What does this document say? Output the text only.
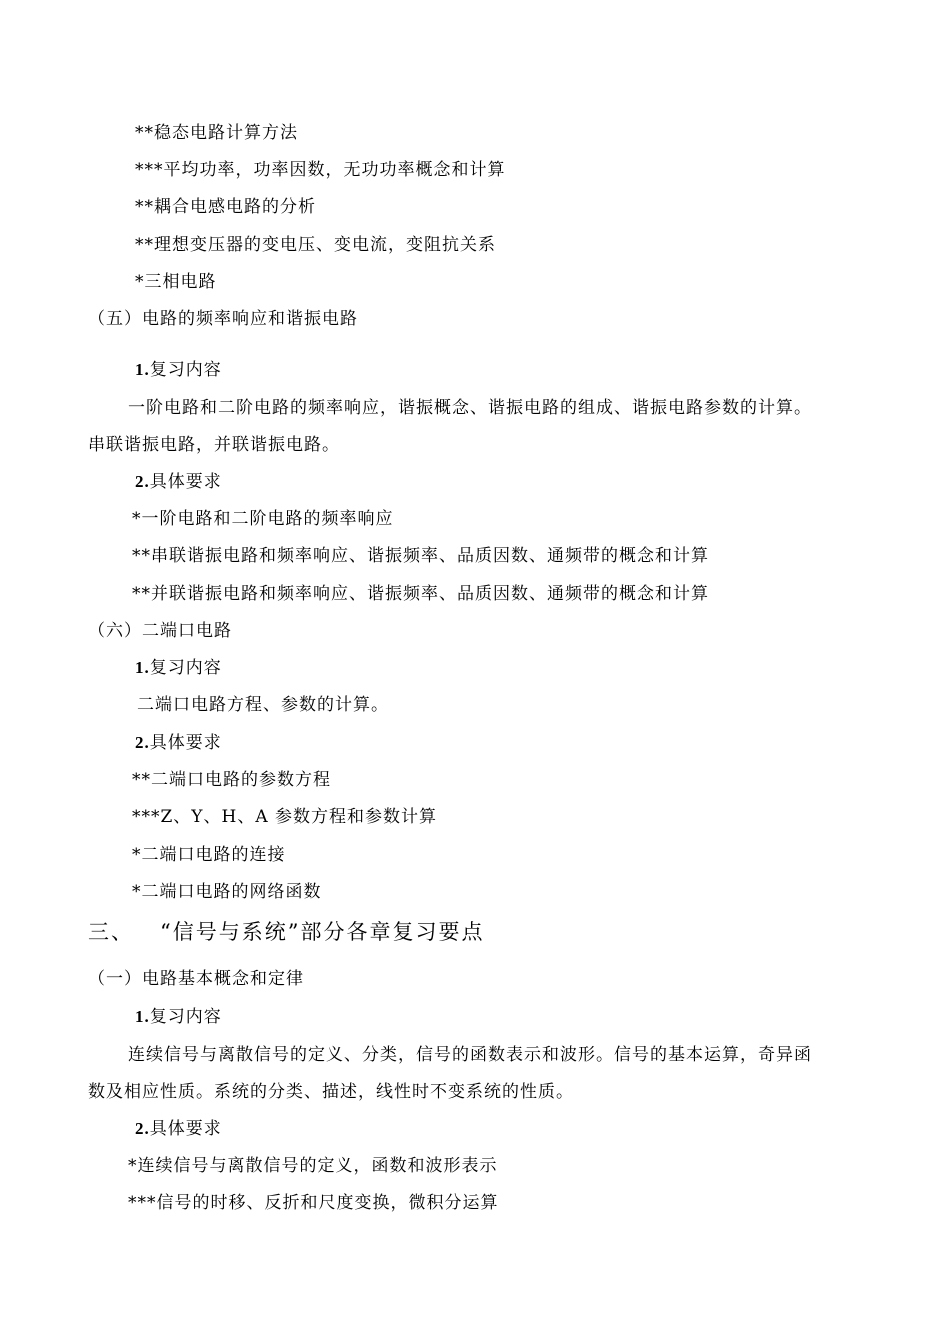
**稳态电路计算方法
***平均功率，功率因数，无功功率概念和计算
**耦合电感电路的分析
**理想变压器的变电压、变电流，变阻抗关系
*三相电路
（五）电路的频率响应和谐振电路
1.复习内容
一阶电路和二阶电路的频率响应，谐振概念、谐振电路的组成、谐振电路参数的计算。
串联谐振电路，并联谐振电路。
2.具体要求
*一阶电路和二阶电路的频率响应
**串联谐振电路和频率响应、谐振频率、品质因数、通频带的概念和计算
**并联谐振电路和频率响应、谐振频率、品质因数、通频带的概念和计算
（六）二端口电路
1.复习内容
二端口电路方程、参数的计算。
2.具体要求
**二端口电路的参数方程
***Z、Y、H、A 参数方程和参数计算
*二端口电路的连接
*二端口电路的网络函数
三、 “信号与系统”部分各章复习要点
（一）电路基本概念和定律
1.复习内容
连续信号与离散信号的定义、分类，信号的函数表示和波形。信号的基本运算，奇异函
数及相应性质。系统的分类、描述，线性时不变系统的性质。
2.具体要求
*连续信号与离散信号的定义，函数和波形表示
***信号的时移、反折和尺度变换，微积分运算
